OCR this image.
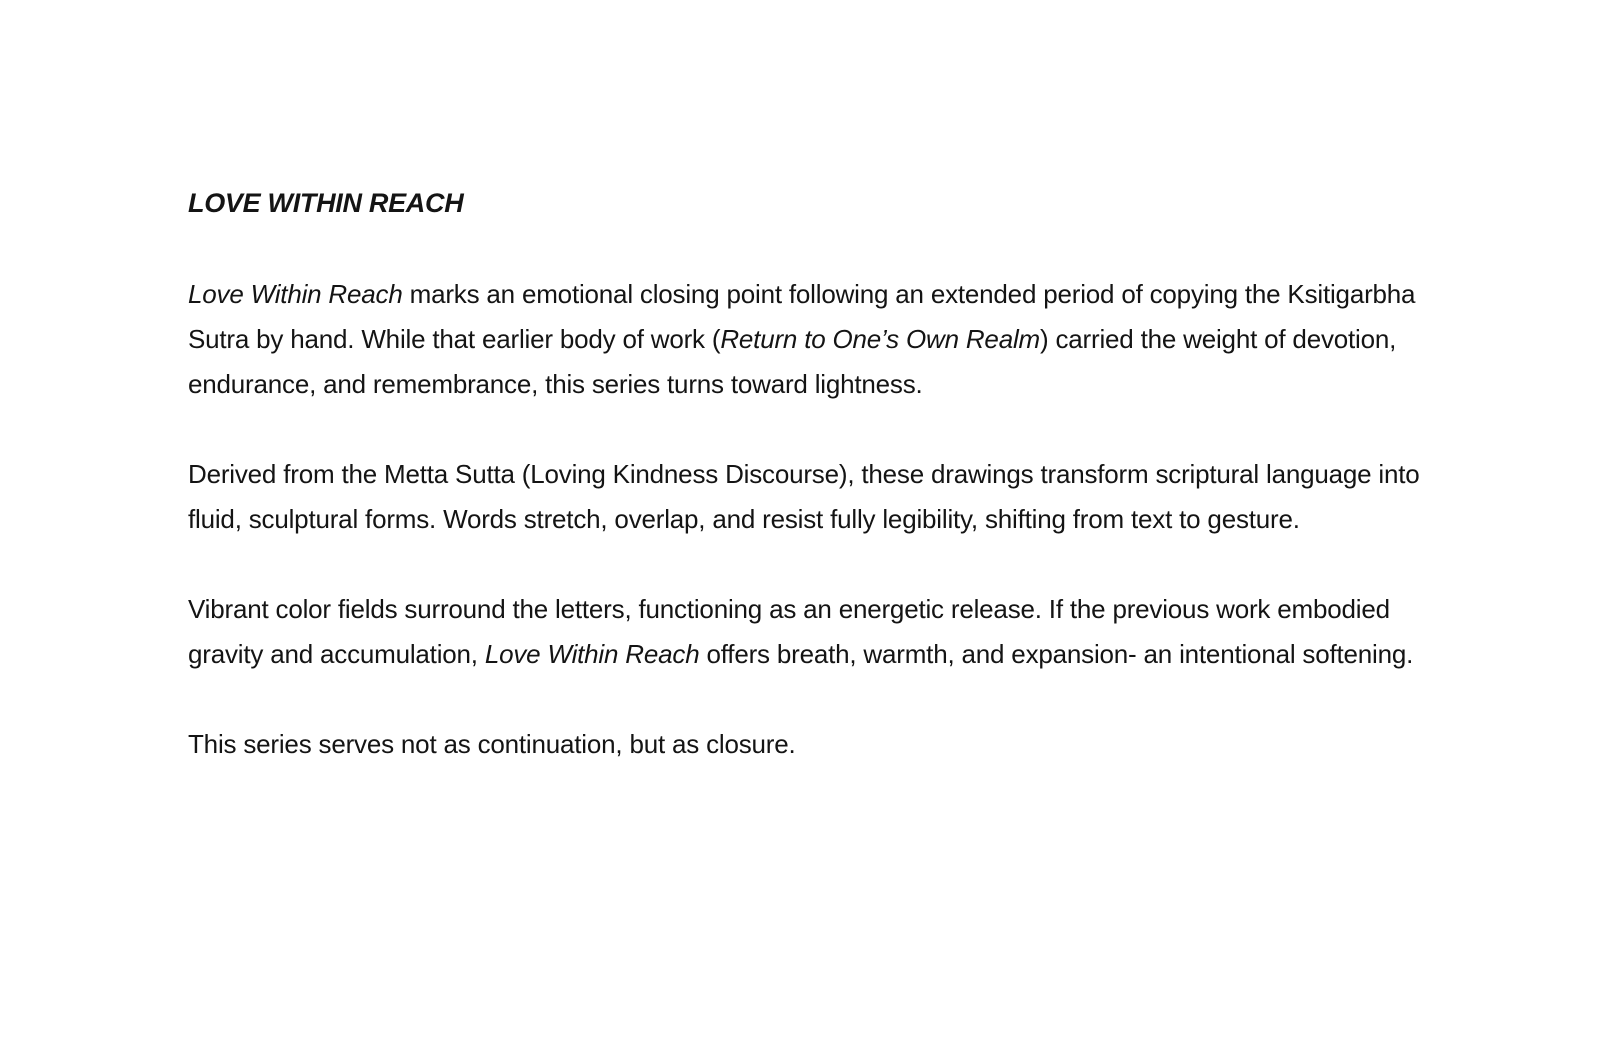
LOVE WITHIN REACH

Love Within Reach marks an emotional closing point following an extended period of copying the Ksitigarbha Sutra by hand. While that earlier body of work (Return to One’s Own Realm) carried the weight of devotion, endurance, and remembrance, this series turns toward lightness.

Derived from the Metta Sutta (Loving Kindness Discourse), these drawings transform scriptural language into fluid, sculptural forms. Words stretch, overlap, and resist fully legibility, shifting from text to gesture.

Vibrant color fields surround the letters, functioning as an energetic release. If the previous work embodied gravity and accumulation, Love Within Reach offers breath, warmth, and expansion- an intentional softening.

This series serves not as continuation, but as closure.
